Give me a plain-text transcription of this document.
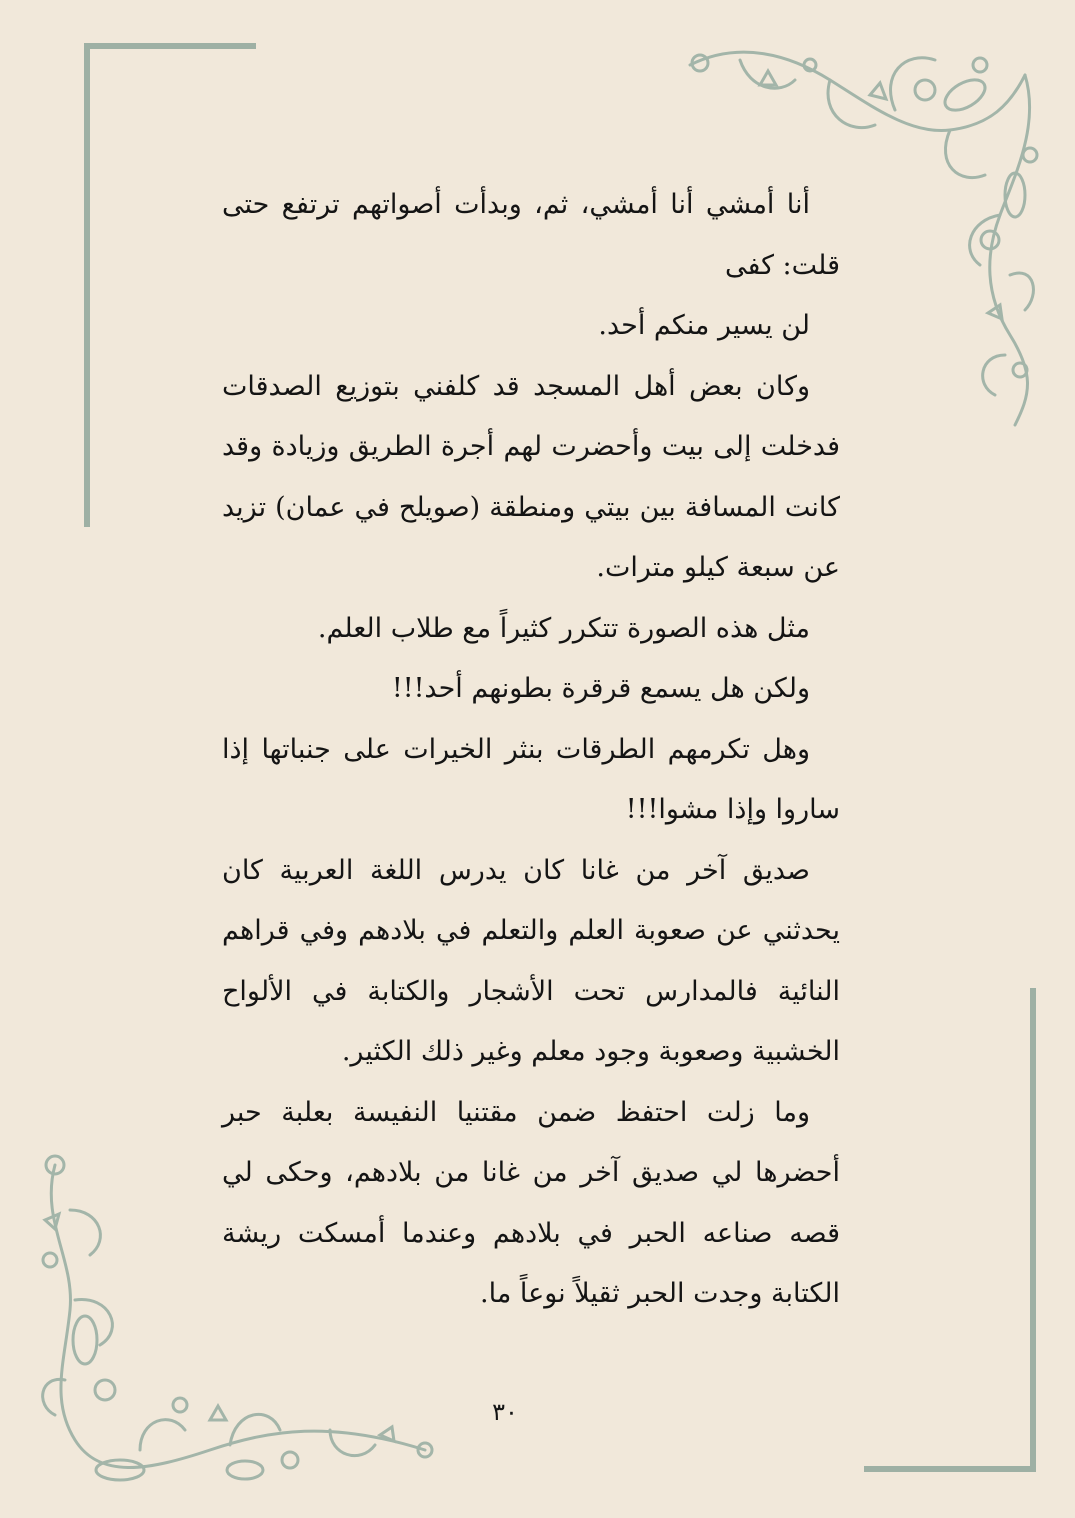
أنا أمشي أنا أمشي، ثم، وبدأت أصواتهم ترتفع حتى قلت: كفى

لن يسير منكم أحد.

وكان بعض أهل المسجد قد كلفني بتوزيع الصدقات فدخلت إلى بيت وأحضرت لهم أجرة الطريق وزيادة وقد كانت المسافة بين بيتي ومنطقة (صويلح في عمان) تزيد عن سبعة كيلو مترات.

مثل هذه الصورة تتكرر كثيراً مع طلاب العلم.

ولكن هل يسمع قرقرة بطونهم أحد!!!

وهل تكرمهم الطرقات بنثر الخيرات على جنباتها إذا ساروا وإذا مشوا!!!

صديق آخر من غانا كان يدرس اللغة العربية كان يحدثني عن صعوبة العلم والتعلم في بلادهم وفي قراهم النائية فالمدارس تحت الأشجار والكتابة في الألواح الخشبية وصعوبة وجود معلم وغير ذلك الكثير.

وما زلت احتفظ ضمن مقتنيا النفيسة بعلبة حبر أحضرها لي صديق آخر من غانا من بلادهم، وحكى لي قصه صناعه الحبر في بلادهم وعندما أمسكت ريشة الكتابة وجدت الحبر ثقيلاً نوعاً ما.

٣٠
